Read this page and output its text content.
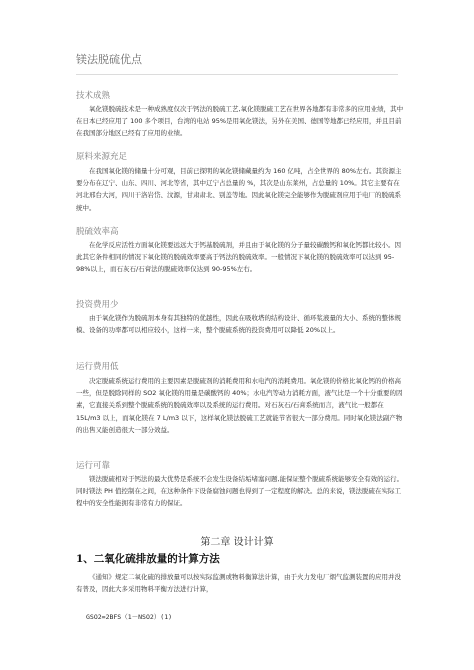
镁法脱硫优点
技术成熟

氧化镁脱硫技术是一种成熟度仅次于钙法的脱硫工艺,氧化镁脱硫工艺在世界各地都有非常多的应用业绩，其中在日本已经应用了 100 多个项目，台湾的电站 95%是用氧化镁法，另外在美国、德国等地都已经应用，并且目前在我国部分地区已经有了应用的业绩。

原料来源充足

在我国氧化镁的储量十分可观，目前已探明的氧化镁储藏量约为 160 亿吨，占全世界的 80%左右。其资源主要分布在辽宁、山东、四川、河北等省，其中辽宁占总量的 %，其次是山东莱州，占总量的 10%。其它主要有在河北邢台大河，四川干洛岩岱、汶源，甘肃肃北、别盖等地。因此氧化镁完全能够作为脱硫剂应用于电厂的脱硫系统中。

脱硫效率高

在化学反应活性方面氧化镁要远远大于钙基脱硫剂，并且由于氧化镁的分子量较碳酸钙和氧化钙都比较小。因此其它条件相同的情况下氧化镁的脱硫效率要高于钙法的脱硫效率。一般情况下氧化镁的脱硫效率可以达到 95-98%以上，而石灰石/石膏法的脱硫效率仅达到 90-95%左右。

投资费用少

由于氧化镁作为脱硫剂本身有其独特的优越性，因此在吸收塔的结构设计、循环浆液量的大小、系统的整体规模、设备的功率都可以相应较小，这样一来，整个脱硫系统的投资费用可以降低 20%以上。

运行费用低

决定脱硫系统运行费用的主要因素是脱硫剂的消耗费用和水电汽的消耗费用。氧化镁的价格比氧化钙的价格高一些，但是脱除同样的 SO2 氧化镁的用量是碳酸钙的 40%；水电汽等动力消耗方面，液气比是一个十分重要的因素，它直接关系到整个脱硫系统的脱硫效率以及系统的运行费用。对石灰石/石膏系统而言，液气比一般都在 15L/m3 以上，而氧化镁在 7 L/m3 以下，这样氧化镁法脱硫工艺就能节省很大一部分费用。同时氧化镁法副产物的出售又能创造很大一部分效益。

运行可靠

镁法脱硫相对于钙法的最大优势是系统不会发生设备结垢堵塞问题,能保证整个脱硫系统能够安全有效的运行。同时镁法 PH 值控制在之间，在这种条件下设备腐蚀问题也得到了一定程度的解决。总的来说，镁法脱硫在实际工程中的安全性能拥有非常有力的保证。

第二章 设计计算
1、二氧化硫排放量的计算方法

《通知》规定二氧化硫的排放量可以按实际监测或物料衡算法计算，由于火力发电厂烟气监测装置的应用并没有普及，因此大多采用物料平衡方法进行计算，

GSO2=2BFS（1－NSO2）(1)
